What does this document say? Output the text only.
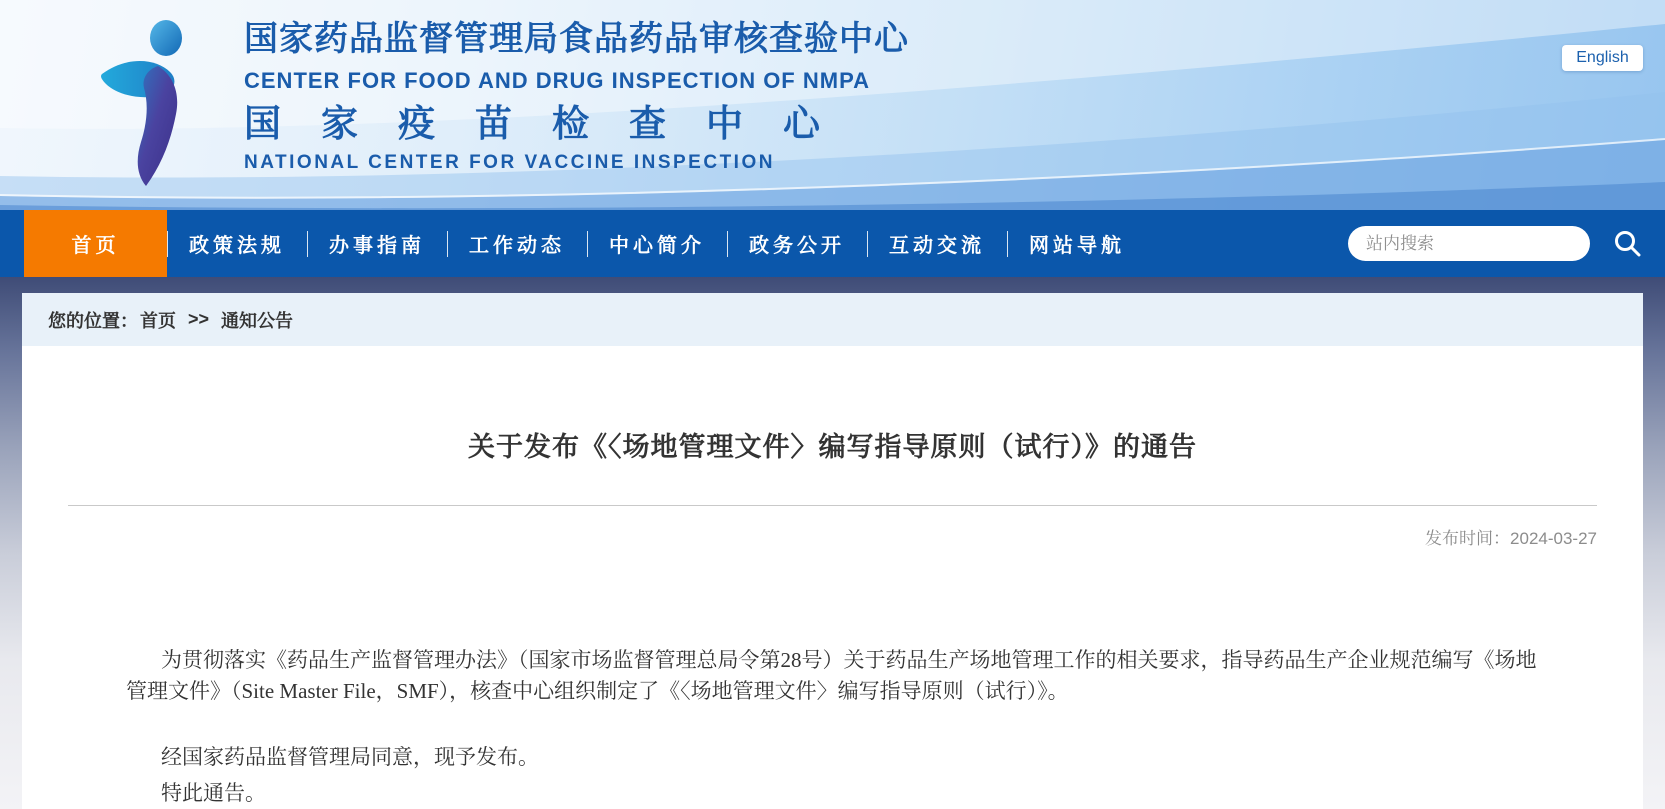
国家药品监督管理局食品药品审核查验中心
CENTER FOR FOOD AND DRUG INSPECTION OF NMPA
国家疫苗检查中心
NATIONAL CENTER FOR VACCINE INSPECTION
English
首页	政策法规	办事指南	工作动态	中心简介	政务公开	互动交流	网站导航
站内搜索
您的位置： 首页 >> 通知公告
关于发布《〈场地管理文件〉编写指导原则（试行）》的通告
发布时间：2024-03-27

为贯彻落实《药品生产监督管理办法》（国家市场监督管理总局令第28号）关于药品生产场地管理工作的相关要求，指导药品生产企业规范编写《场地管理文件》（Site Master File，SMF），核查中心组织制定了《〈场地管理文件〉编写指导原则（试行）》。

经国家药品监督管理局同意，现予发布。

特此通告。
